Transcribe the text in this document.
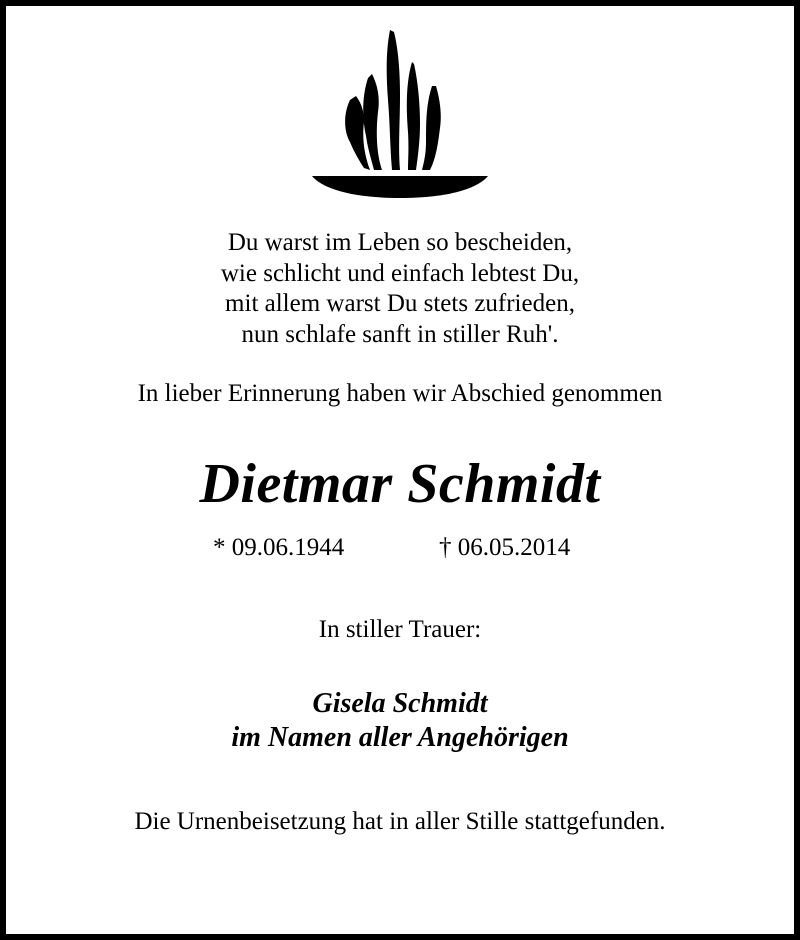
Du warst im Leben so bescheiden,
wie schlicht und einfach lebtest Du,
mit allem warst Du stets zufrieden,
nun schlafe sanft in stiller Ruh'.
In lieber Erinnerung haben wir Abschied genommen
Dietmar Schmidt
* 09.06.1944	† 06.05.2014
In stiller Trauer:
Gisela Schmidt
im Namen aller Angehörigen
Die Urnenbeisetzung hat in aller Stille stattgefunden.
